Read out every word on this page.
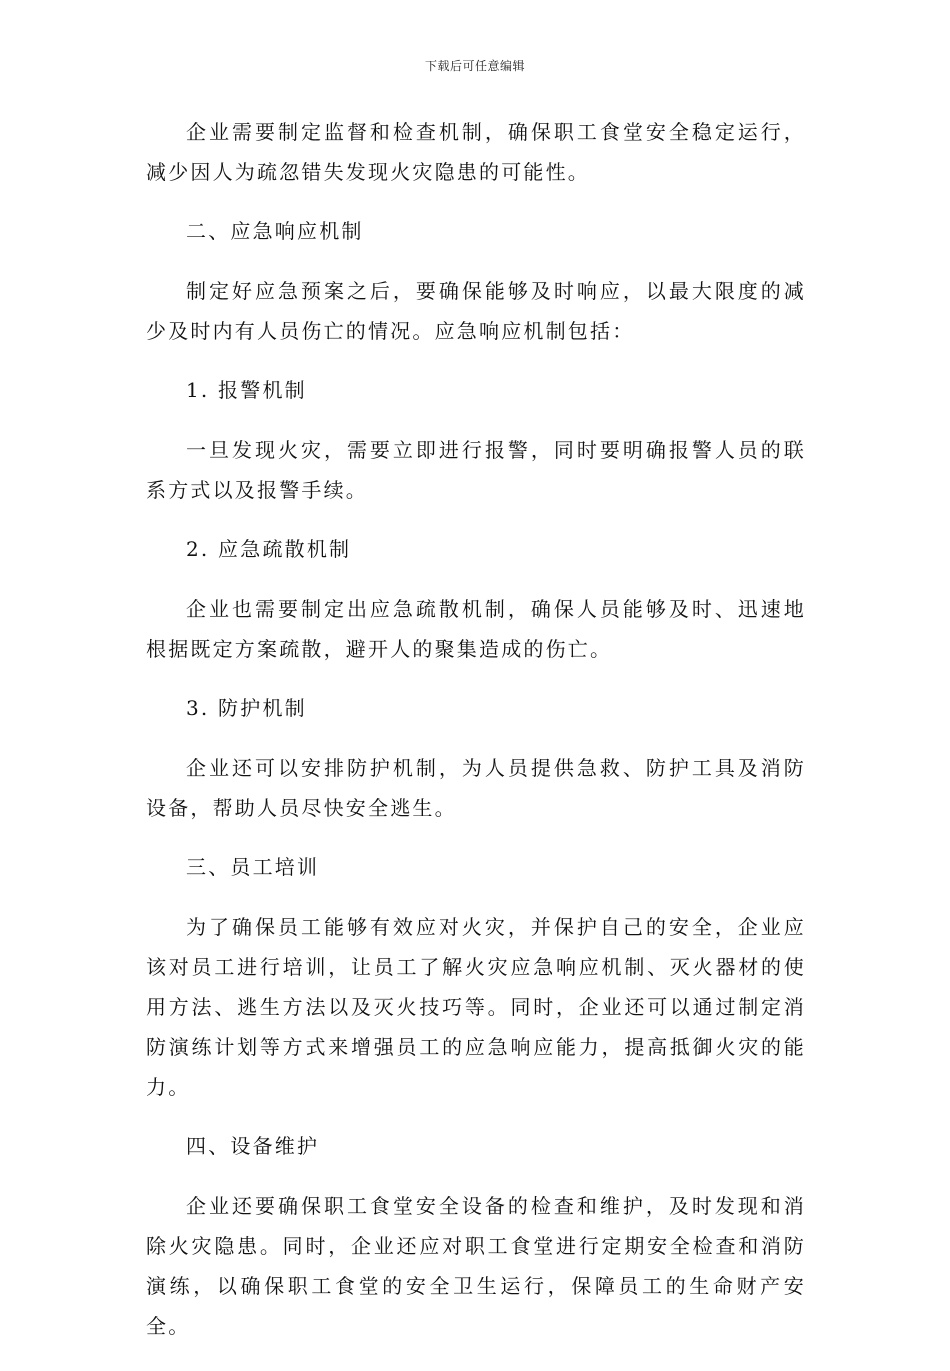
下载后可任意编辑

企业需要制定监督和检查机制，确保职工食堂安全稳定运行，减少因人为疏忽错失发现火灾隐患的可能性。

二、应急响应机制

制定好应急预案之后，要确保能够及时响应，以最大限度的减少及时内有人员伤亡的情况。应急响应机制包括：

1. 报警机制

一旦发现火灾，需要立即进行报警，同时要明确报警人员的联系方式以及报警手续。

2. 应急疏散机制

企业也需要制定出应急疏散机制，确保人员能够及时、迅速地根据既定方案疏散，避开人的聚集造成的伤亡。

3. 防护机制

企业还可以安排防护机制，为人员提供急救、防护工具及消防设备，帮助人员尽快安全逃生。

三、员工培训

为了确保员工能够有效应对火灾，并保护自己的安全，企业应该对员工进行培训，让员工了解火灾应急响应机制、灭火器材的使用方法、逃生方法以及灭火技巧等。同时，企业还可以通过制定消防演练计划等方式来增强员工的应急响应能力，提高抵御火灾的能力。

四、设备维护

企业还要确保职工食堂安全设备的检查和维护，及时发现和消除火灾隐患。同时，企业还应对职工食堂进行定期安全检查和消防演练，以确保职工食堂的安全卫生运行，保障员工的生命财产安全。
